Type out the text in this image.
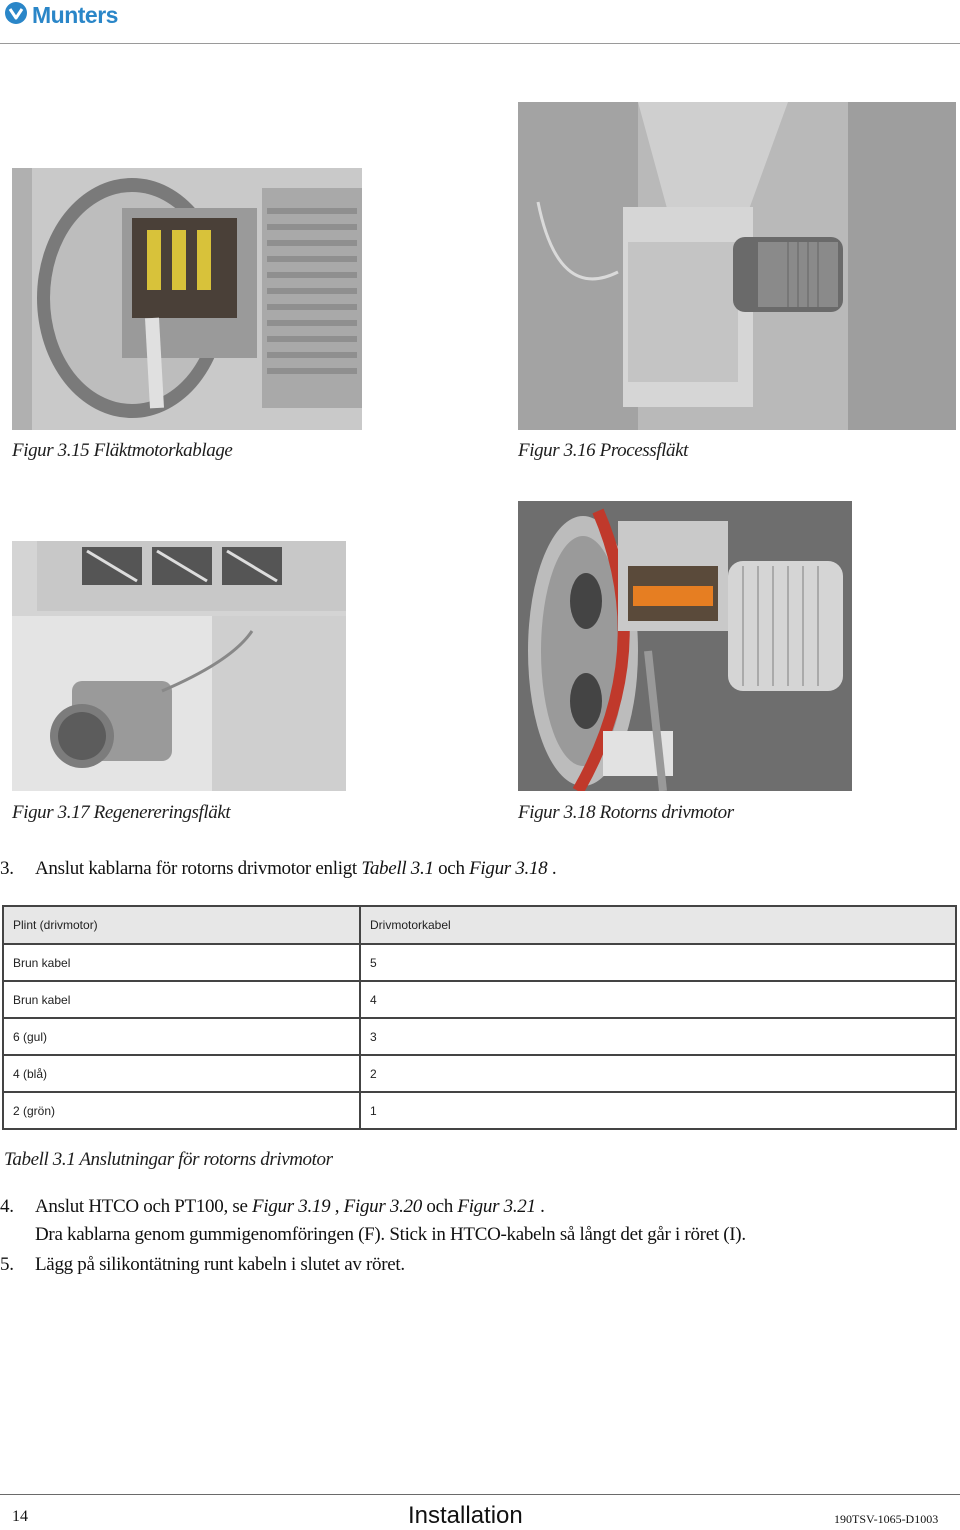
Munters
Figur 3.15 Fläktmotorkablage	Figur 3.16 Processfläkt
Figur 3.17 Regenereringsfläkt	Figur 3.18 Rotorns drivmotor
3. Anslut kablarna för rotorns drivmotor enligt Tabell 3.1 och Figur 3.18 .
Plint (drivmotor)	Drivmotorkabel
Brun kabel	5
Brun kabel	4
6 (gul)	3
4 (blå)	2
2 (grön)	1
Tabell 3.1 Anslutningar för rotorns drivmotor
4. Anslut HTCO och PT100, se Figur 3.19 , Figur 3.20 och Figur 3.21 .
Dra kablarna genom gummigenomföringen (F). Stick in HTCO-kabeln så långt det går i röret (I).
5. Lägg på silikontätning runt kabeln i slutet av röret.
14	Installation	190TSV-1065-D1003
